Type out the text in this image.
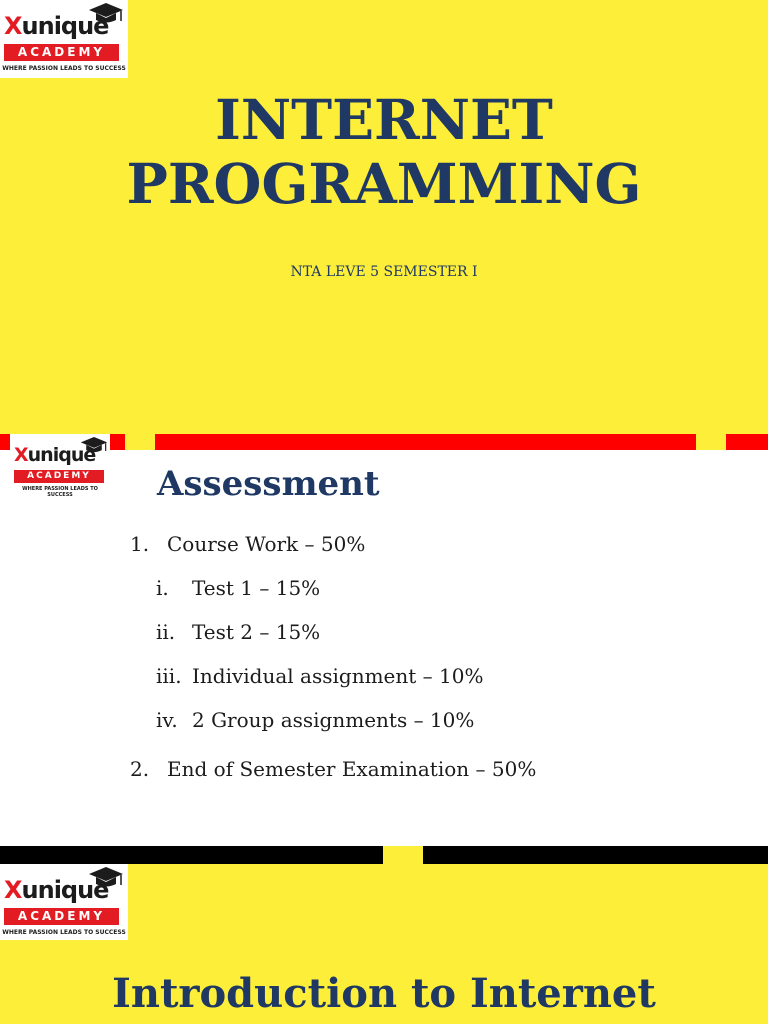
Xunique
ACADEMY
WHERE PASSION LEADS TO SUCCESS
INTERNET
PROGRAMMING
NTA LEVE 5 SEMESTER I
Xunique
ACADEMY
WHERE PASSION LEADS TO SUCCESS	Assessment
1. Course Work – 50%
i. Test 1 – 15%
ii. Test 2 – 15%
iii. Individual assignment – 10%
iv. 2 Group assignments – 10%
2. End of Semester Examination – 50%
Xunique
ACADEMY
WHERE PASSION LEADS TO SUCCESS
Introduction to Internet
